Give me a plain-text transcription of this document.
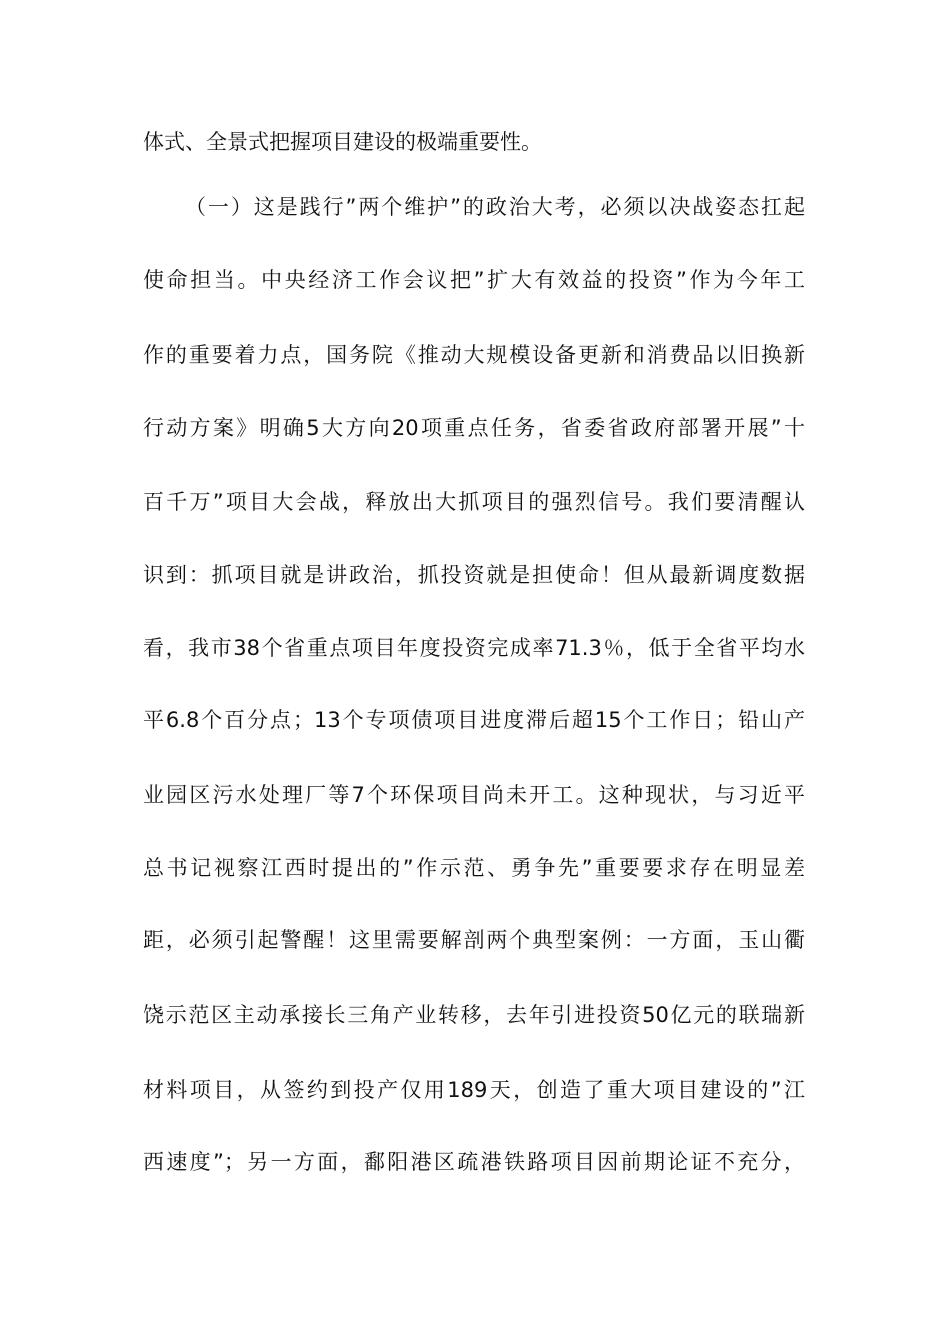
体式、全景式把握项目建设的极端重要性。
（一）这是践行”两个维护”的政治大考，必须以决战姿态扛起
使命担当。中央经济工作会议把”扩大有效益的投资”作为今年工
作的重要着力点，国务院《推动大规模设备更新和消费品以旧换新
行动方案》明确5大方向20项重点任务，省委省政府部署开展”十
百千万”项目大会战，释放出大抓项目的强烈信号。我们要清醒认
识到：抓项目就是讲政治，抓投资就是担使命！但从最新调度数据
看，我市38个省重点项目年度投资完成率71.3％，低于全省平均水
平6.8个百分点；13个专项债项目进度滞后超15个工作日；铅山产
业园区污水处理厂等7个环保项目尚未开工。这种现状，与习近平
总书记视察江西时提出的”作示范、勇争先”重要要求存在明显差
距，必须引起警醒！这里需要解剖两个典型案例：一方面，玉山衢
饶示范区主动承接长三角产业转移，去年引进投资50亿元的联瑞新
材料项目，从签约到投产仅用189天，创造了重大项目建设的”江
西速度”；另一方面，鄱阳港区疏港铁路项目因前期论证不充分，
